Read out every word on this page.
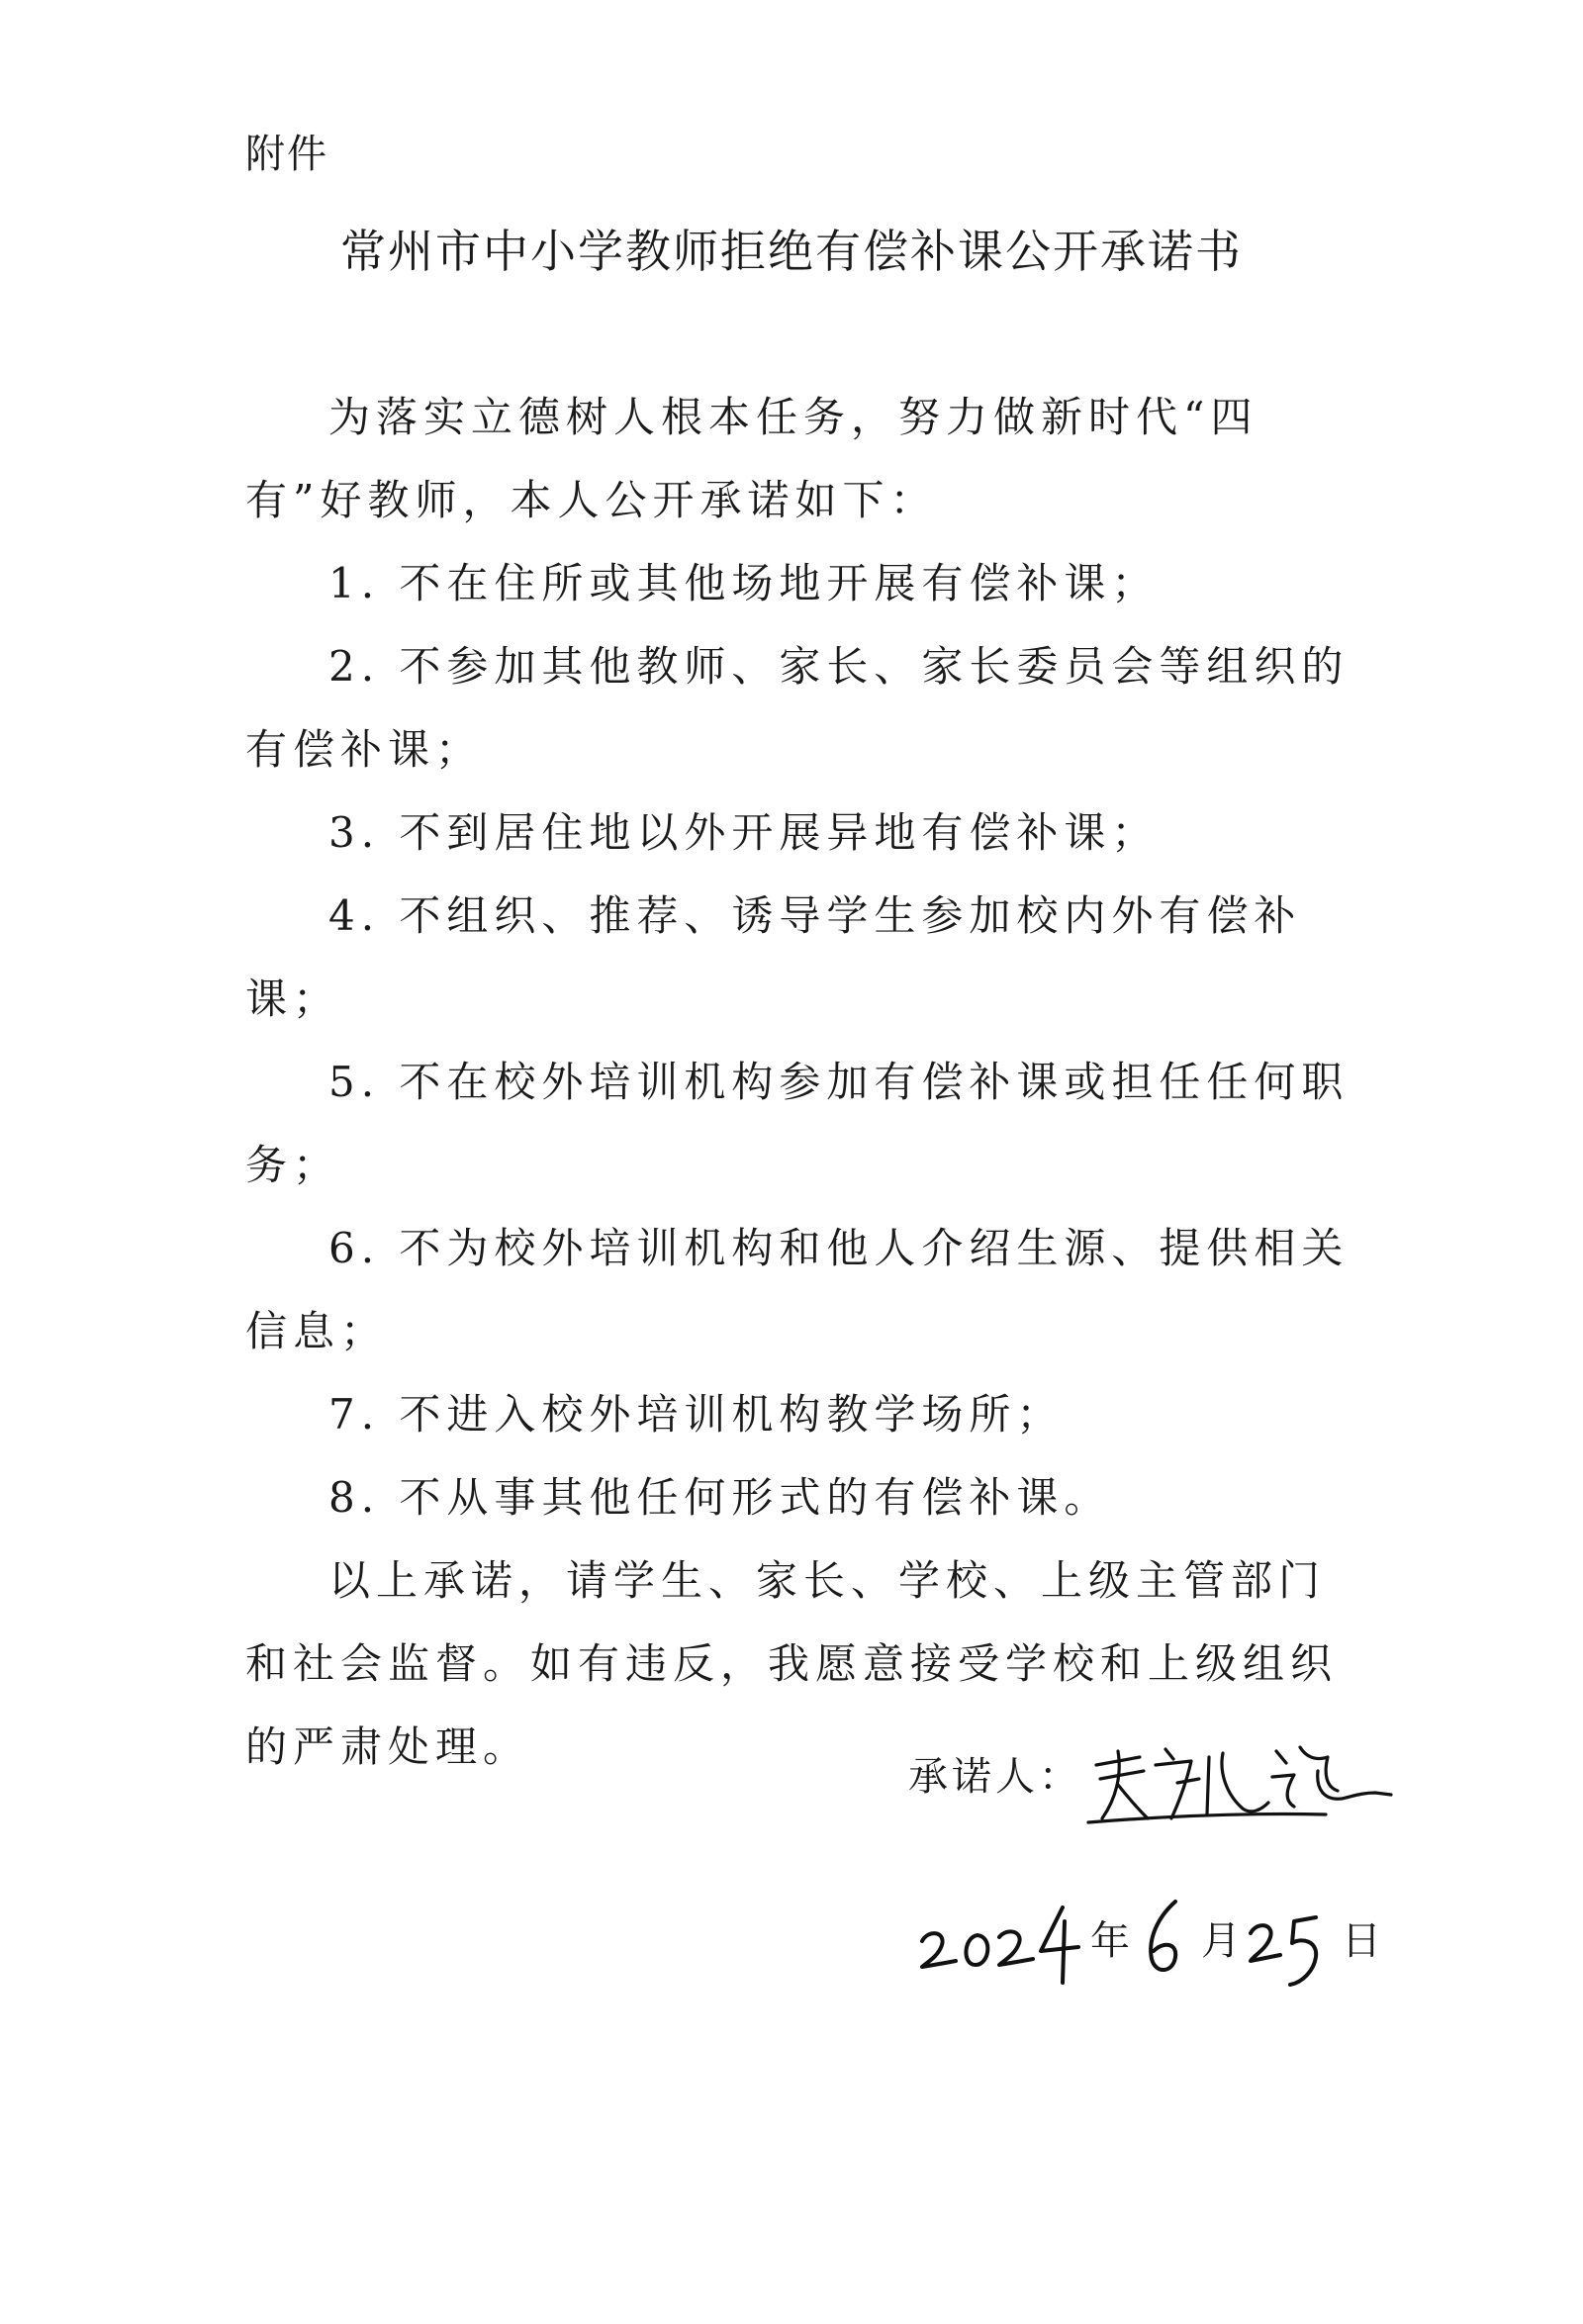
附件
常州市中小学教师拒绝有偿补课公开承诺书

为落实立德树人根本任务，努力做新时代“四有”好教师，本人公开承诺如下：

1. 不在住所或其他场地开展有偿补课；

2. 不参加其他教师、家长、家长委员会等组织的有偿补课；

3. 不到居住地以外开展异地有偿补课；

4. 不组织、推荐、诱导学生参加校内外有偿补课；

5. 不在校外培训机构参加有偿补课或担任任何职务；

6. 不为校外培训机构和他人介绍生源、提供相关信息；

7. 不进入校外培训机构教学场所；

8. 不从事其他任何形式的有偿补课。

以上承诺，请学生、家长、学校、上级主管部门和社会监督。如有违反，我愿意接受学校和上级组织的严肃处理。

承诺人：
年 月	日
